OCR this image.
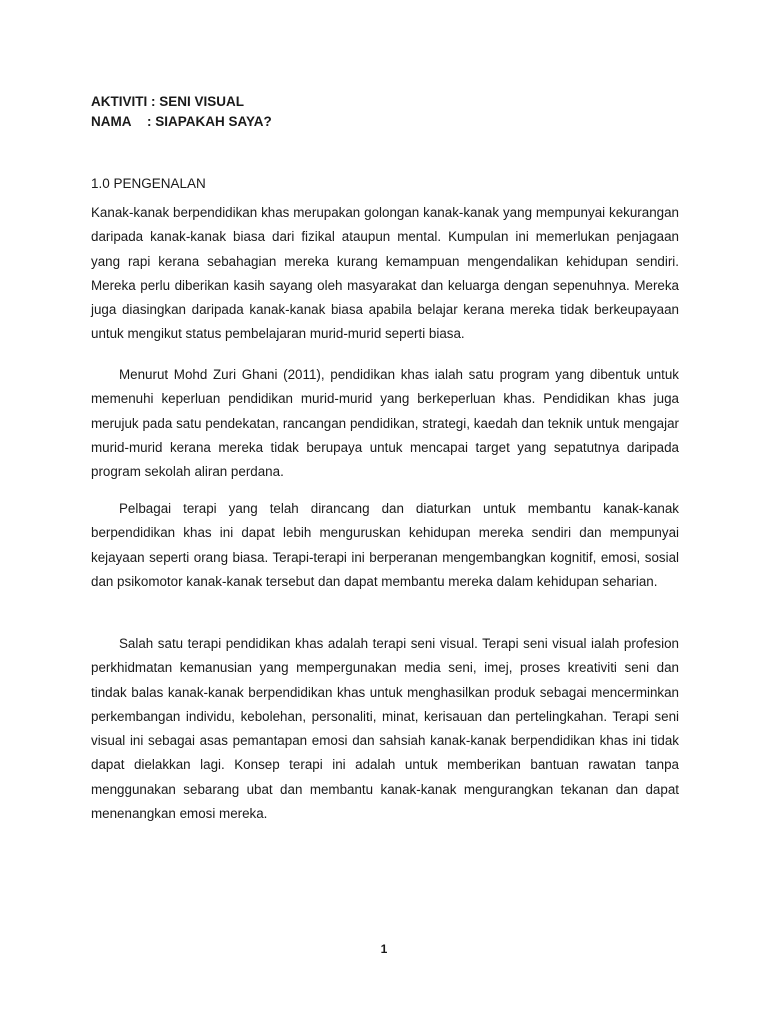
AKTIVITI : SENI VISUAL
NAMA : SIAPAKAH SAYA?
1.0 PENGENALAN
Kanak-kanak berpendidikan khas merupakan golongan kanak-kanak yang mempunyai kekurangan daripada kanak-kanak biasa dari fizikal ataupun mental. Kumpulan ini memerlukan penjagaan yang rapi kerana sebahagian mereka kurang kemampuan mengendalikan kehidupan sendiri. Mereka perlu diberikan kasih sayang oleh masyarakat dan keluarga dengan sepenuhnya. Mereka juga diasingkan daripada kanak-kanak biasa apabila belajar kerana mereka tidak berkeupayaan untuk mengikut status pembelajaran murid-murid seperti biasa.
Menurut Mohd Zuri Ghani (2011), pendidikan khas ialah satu program yang dibentuk untuk memenuhi keperluan pendidikan murid-murid yang berkeperluan khas. Pendidikan khas juga merujuk pada satu pendekatan, rancangan pendidikan, strategi, kaedah dan teknik untuk mengajar murid-murid kerana mereka tidak berupaya untuk mencapai target yang sepatutnya daripada program sekolah aliran perdana.
Pelbagai terapi yang telah dirancang dan diaturkan untuk membantu kanak-kanak berpendidikan khas ini dapat lebih menguruskan kehidupan mereka sendiri dan mempunyai kejayaan seperti orang biasa. Terapi-terapi ini berperanan mengembangkan kognitif, emosi, sosial dan psikomotor kanak-kanak tersebut dan dapat membantu mereka dalam kehidupan seharian.
Salah satu terapi pendidikan khas adalah terapi seni visual. Terapi seni visual ialah profesion perkhidmatan kemanusian yang mempergunakan media seni, imej, proses kreativiti seni dan tindak balas kanak-kanak berpendidikan khas untuk menghasilkan produk sebagai mencerminkan perkembangan individu, kebolehan, personaliti, minat, kerisauan dan pertelingkahan. Terapi seni visual ini sebagai asas pemantapan emosi dan sahsiah kanak-kanak berpendidikan khas ini tidak dapat dielakkan lagi. Konsep terapi ini adalah untuk memberikan bantuan rawatan tanpa menggunakan sebarang ubat dan membantu kanak-kanak mengurangkan tekanan dan dapat menenangkan emosi mereka.
1
